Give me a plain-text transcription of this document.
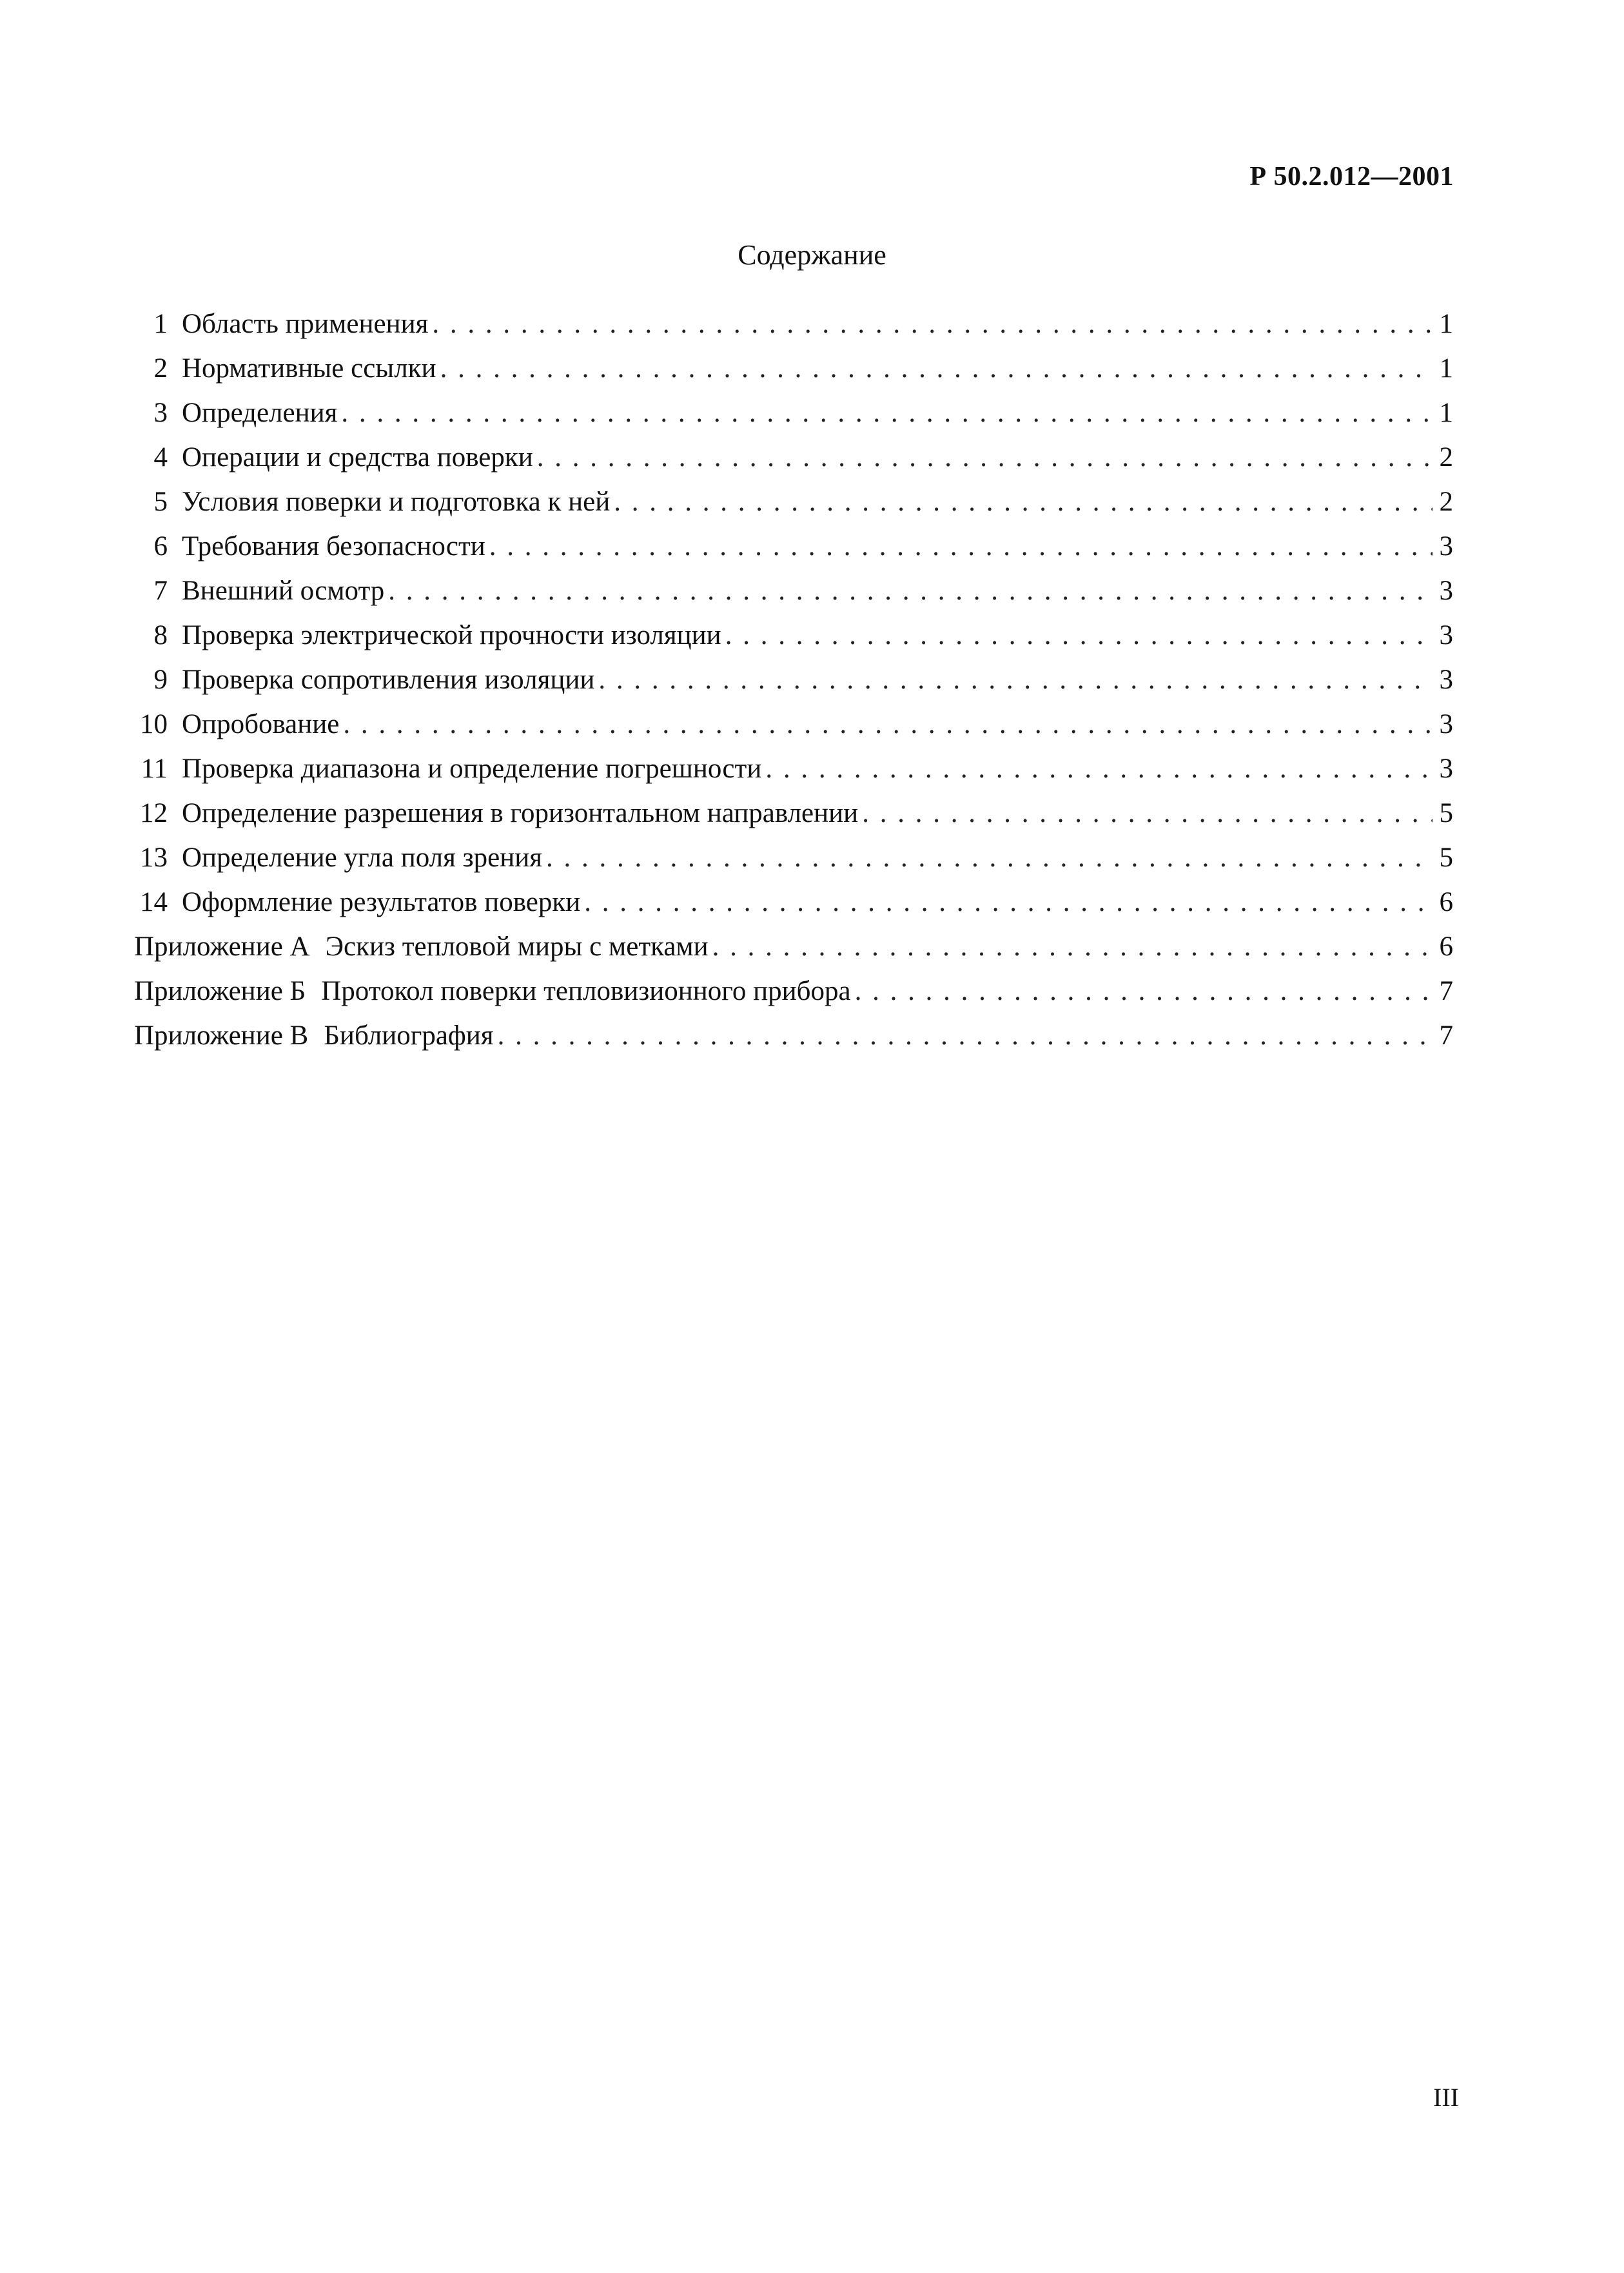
Р 50.2.012—2001
Содержание
1 Область применения . . .	1
2 Нормативные ссылки . . .	1
3 Определения . . .	1
4 Операции и средства поверки . . .	2
5 Условия поверки и подготовка к ней . . .	2
6 Требования безопасности . . .	3
7 Внешний осмотр . . .	3
8 Проверка электрической прочности изоляции . . .	3
9 Проверка сопротивления изоляции . . .	3
10 Опробование . . .	3
11 Проверка диапазона и определение погрешности . . .	3
12 Определение разрешения в горизонтальном направлении . . .	5
13 Определение угла поля зрения . . .	5
14 Оформление результатов поверки . . .	6
Приложение А Эскиз тепловой миры с метками . . .	6
Приложение Б Протокол поверки тепловизионного прибора . . .	7
Приложение В Библиография . . .	7
III
